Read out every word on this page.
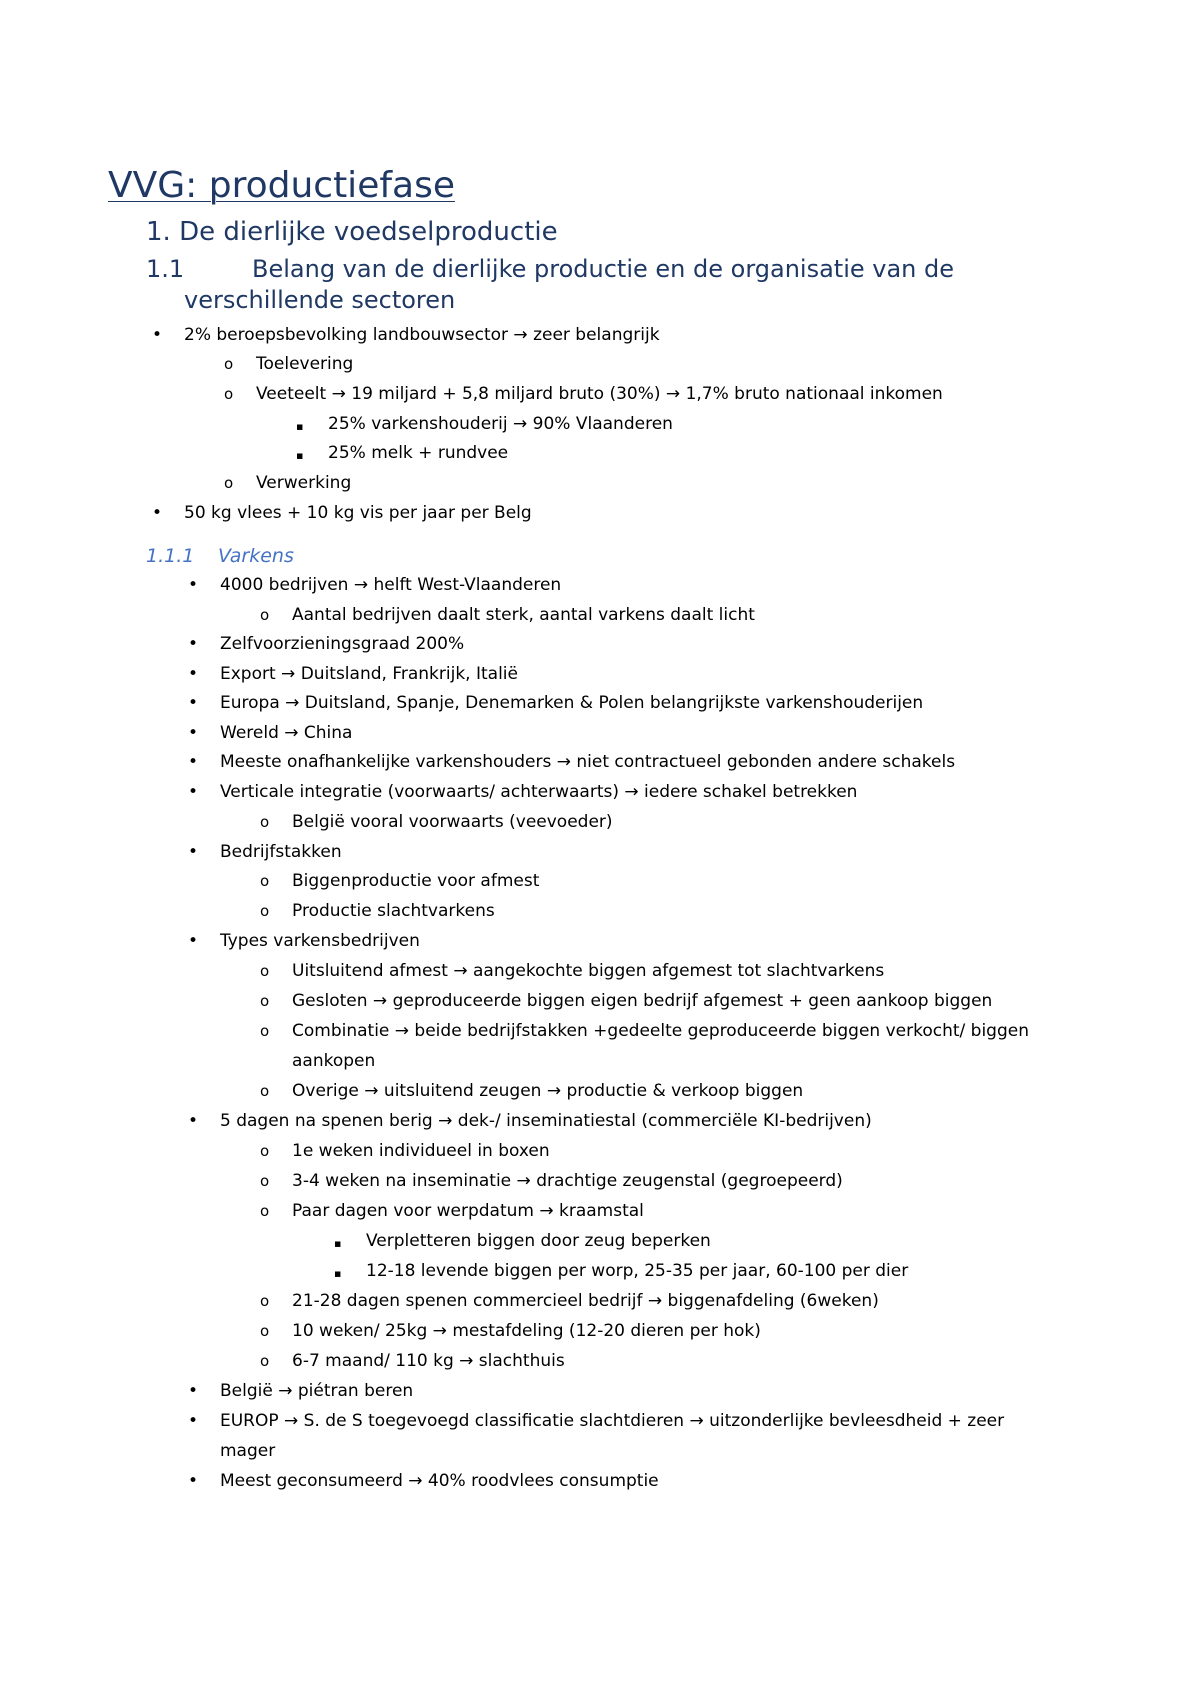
VVG: productiefase
1. De dierlijke voedselproductie
1.1	Belang van de dierlijke productie en de organisatie van de
verschillende sectoren
• 2% beroepsbevolking landbouwsector → zeer belangrijk
o Toelevering
o Veeteelt → 19 miljard + 5,8 miljard bruto (30%) → 1,7% bruto nationaal inkomen
▪ 25% varkenshouderij → 90% Vlaanderen
▪ 25% melk + rundvee
o Verwerking
• 50 kg vlees + 10 kg vis per jaar per Belg
1.1.1 Varkens
• 4000 bedrijven → helft West-Vlaanderen
o Aantal bedrijven daalt sterk, aantal varkens daalt licht
• Zelfvoorzieningsgraad 200%
• Export → Duitsland, Frankrijk, Italië
• Europa → Duitsland, Spanje, Denemarken & Polen belangrijkste varkenshouderijen
• Wereld → China
• Meeste onafhankelijke varkenshouders → niet contractueel gebonden andere schakels
• Verticale integratie (voorwaarts/ achterwaarts) → iedere schakel betrekken
o België vooral voorwaarts (veevoeder)
• Bedrijfstakken
o Biggenproductie voor afmest
o Productie slachtvarkens
• Types varkensbedrijven
o Uitsluitend afmest → aangekochte biggen afgemest tot slachtvarkens
o Gesloten → geproduceerde biggen eigen bedrijf afgemest + geen aankoop biggen
o Combinatie → beide bedrijfstakken +gedeelte geproduceerde biggen verkocht/ biggen
aankopen
o Overige → uitsluitend zeugen → productie & verkoop biggen
• 5 dagen na spenen berig → dek-/ inseminatiestal (commerciële KI-bedrijven)
o 1e weken individueel in boxen
o 3-4 weken na inseminatie → drachtige zeugenstal (gegroepeerd)
o Paar dagen voor werpdatum → kraamstal
▪ Verpletteren biggen door zeug beperken
▪ 12-18 levende biggen per worp, 25-35 per jaar, 60-100 per dier
o 21-28 dagen spenen commercieel bedrijf → biggenafdeling (6weken)
o 10 weken/ 25kg → mestafdeling (12-20 dieren per hok)
o 6-7 maand/ 110 kg → slachthuis
• België → piétran beren
• EUROP → S. de S toegevoegd classificatie slachtdieren → uitzonderlijke bevleesdheid + zeer
mager
• Meest geconsumeerd → 40% roodvlees consumptie
